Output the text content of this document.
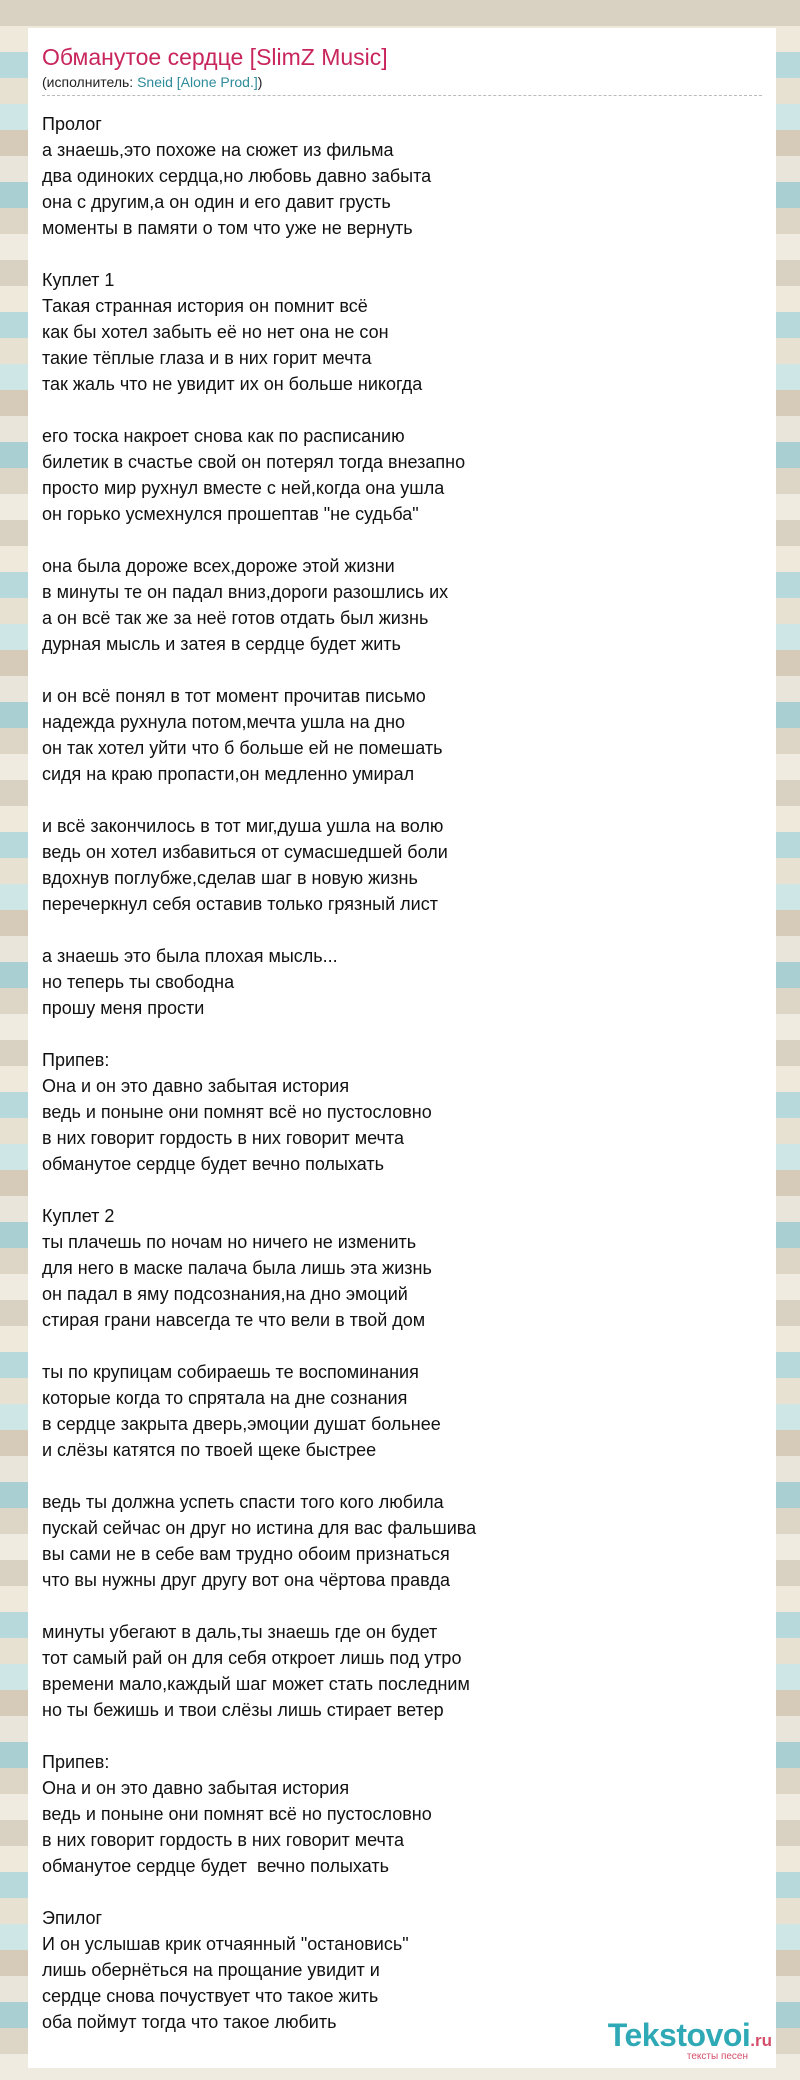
Обманутое сердце [SlimZ Music]
(исполнитель: Sneid [Alone Prod.])
Пролог
а знаешь,это похоже на сюжет из фильма
два одиноких сердца,но любовь давно забыта
она с другим,а он один и его давит грусть
моменты в памяти о том что уже не вернуть

Куплет 1
Такая странная история он помнит всё
как бы хотел забыть её но нет она не сон
такие тёплые глаза и в них горит мечта
так жаль что не увидит их он больше никогда

его тоска накроет снова как по расписанию
билетик в счастье свой он потерял тогда внезапно
просто мир рухнул вместе с ней,когда она ушла
он горько усмехнулся прошептав "не судьба"

она была дороже всех,дороже этой жизни
в минуты те он падал вниз,дороги разошлись их
а он всё так же за неё готов отдать был жизнь
дурная мысль и затея в сердце будет жить

и он всё понял в тот момент прочитав письмо
надежда рухнула потом,мечта ушла на дно
он так хотел уйти что б больше ей не помешать
сидя на краю пропасти,он медленно умирал

и всё закончилось в тот миг,душа ушла на волю
ведь он хотел избавиться от сумасшедшей боли
вдохнув поглубже,сделав шаг в новую жизнь
перечеркнул себя оставив только грязный лист

а знаешь это была плохая мысль...
но теперь ты свободна
прошу меня прости

Припев:
Она и он это давно забытая история
ведь и поныне они помнят всё но пустословно
в них говорит гордость в них говорит мечта
обманутое сердце будет вечно полыхать

Куплет 2
ты плачешь по ночам но ничего не изменить
для него в маске палача была лишь эта жизнь
он падал в яму подсознания,на дно эмоций
стирая грани навсегда те что вели в твой дом

ты по крупицам собираешь те воспоминания
которые когда то спрятала на дне сознания
в сердце закрыта дверь,эмоции душат больнее
и слёзы катятся по твоей щеке быстрее

ведь ты должна успеть спасти того кого любила
пускай сейчас он друг но истина для вас фальшива
вы сами не в себе вам трудно обоим признаться
что вы нужны друг другу вот она чёртова правда

минуты убегают в даль,ты знаешь где он будет
тот самый рай он для себя откроет лишь под утро
времени мало,каждый шаг может стать последним
но ты бежишь и твои слёзы лишь стирает ветер

Припев:
Она и он это давно забытая история
ведь и поныне они помнят всё но пустословно
в них говорит гордость в них говорит мечта
обманутое сердце будет  вечно полыхать

Эпилог
И он услышав крик отчаянный "остановись"
лишь обернёться на прощание увидит и
сердце снова почуствует что такое жить
оба поймут тогда что такое любить	Tekstovoi.ru
тексты песен
